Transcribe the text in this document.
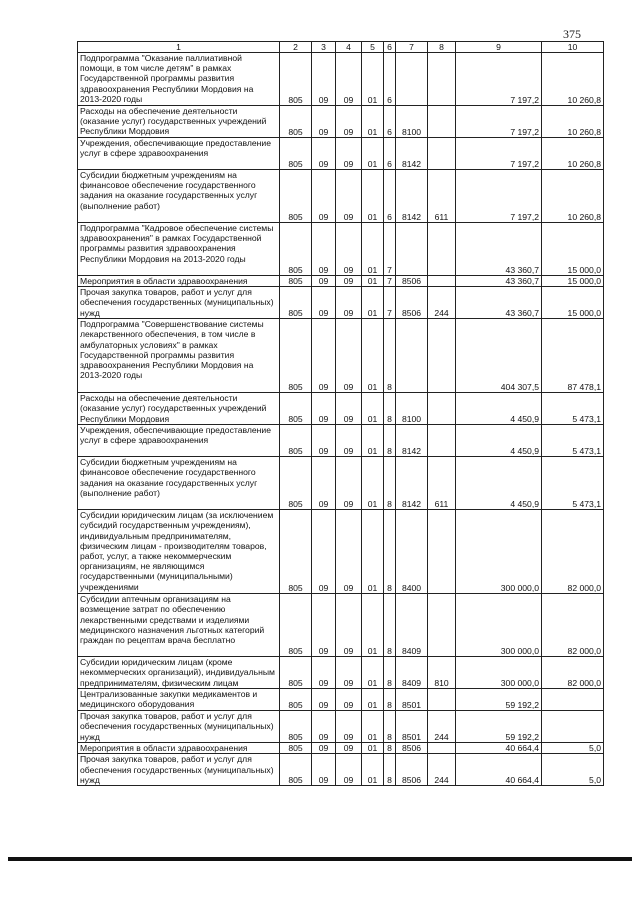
375
1	2	3	4	5	6	7	8	9	10
Подпрограмма "Оказание паллиативной помощи, в том числе детям" в рамках Государственной программы развития здравоохранения Республики Мордовия на 2013-2020 годы	805	09	09	01	6			7 197,2	10 260,8
Расходы на обеспечение деятельности (оказание услуг) государственных учреждений Республики Мордовия	805	09	09	01	6	8100		7 197,2	10 260,8
Учреждения, обеспечивающие предоставление услуг в сфере здравоохранения	805	09	09	01	6	8142		7 197,2	10 260,8
Субсидии бюджетным учреждениям на финансовое обеспечение государственного задания на оказание государственных услуг (выполнение работ)	805	09	09	01	6	8142	611	7 197,2	10 260,8
Подпрограмма "Кадровое обеспечение системы здравоохранения" в рамках Государственной программы развития здравоохранения Республики Мордовия на 2013-2020 годы	805	09	09	01	7			43 360,7	15 000,0
Мероприятия в области здравоохранения	805	09	09	01	7	8506		43 360,7	15 000,0
Прочая закупка товаров, работ и услуг для обеспечения государственных (муниципальных) нужд	805	09	09	01	7	8506	244	43 360,7	15 000,0
Подпрограмма "Совершенствование системы лекарственного обеспечения, в том числе в амбулаторных условиях" в рамках Государственной программы развития здравоохранения Республики Мордовия на 2013-2020 годы	805	09	09	01	8			404 307,5	87 478,1
Расходы на обеспечение деятельности (оказание услуг) государственных учреждений Республики Мордовия	805	09	09	01	8	8100		4 450,9	5 473,1
Учреждения, обеспечивающие предоставление услуг в сфере здравоохранения	805	09	09	01	8	8142		4 450,9	5 473,1
Субсидии бюджетным учреждениям на финансовое обеспечение государственного задания на оказание государственных услуг (выполнение работ)	805	09	09	01	8	8142	611	4 450,9	5 473,1
Субсидии юридическим лицам (за исключением субсидий государственным учреждениям), индивидуальным предпринимателям, физическим лицам - производителям товаров, работ, услуг, а также некоммерческим организациям, не являющимся государственными (муниципальными) учреждениями	805	09	09	01	8	8400		300 000,0	82 000,0
Субсидии аптечным организациям на возмещение затрат по обеспечению лекарственными средствами и изделиями медицинского назначения льготных категорий граждан по рецептам врача бесплатно	805	09	09	01	8	8409		300 000,0	82 000,0
Субсидии юридическим лицам (кроме некоммерческих организаций), индивидуальным предпринимателям, физическим лицам	805	09	09	01	8	8409	810	300 000,0	82 000,0
Централизованные закупки медикаментов и медицинского оборудования	805	09	09	01	8	8501		59 192,2	
Прочая закупка товаров, работ и услуг для обеспечения государственных (муниципальных) нужд	805	09	09	01	8	8501	244	59 192,2	
Мероприятия в области здравоохранения	805	09	09	01	8	8506		40 664,4	5,0
Прочая закупка товаров, работ и услуг для обеспечения государственных (муниципальных) нужд	805	09	09	01	8	8506	244	40 664,4	5,0
